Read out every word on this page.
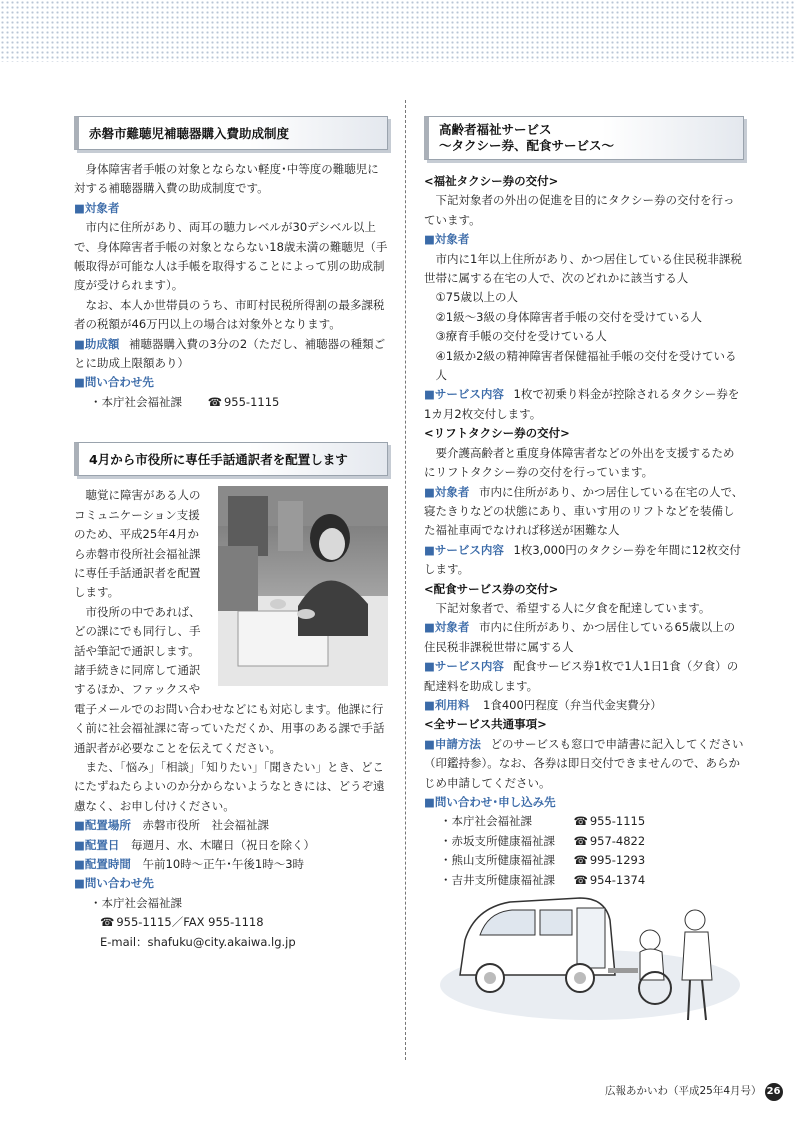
赤磐市難聴児補聴器購入費助成制度

身体障害者手帳の対象とならない軽度･中等度の難聴児に対する補聴器購入費の助成制度です。

■ 対象者

市内に住所があり、両耳の聴力レベルが30デシベル以上で、身体障害者手帳の対象とならない18歳未満の難聴児（手帳取得が可能な人は手帳を取得することによって別の助成制度が受けられます）。

なお、本人か世帯員のうち、市町村民税所得割の最多課税者の税額が46万円以上の場合は対象外となります。

■ 助成額 補聴器購入費の3分の2（ただし、補聴器の種類ごとに助成上限額あり）

■ 問い合わせ先
・本庁社会福祉課 ☎	955-1115
4月から市役所に専任手話通訳者を配置します

聴覚に障害がある人のコミュニケーション支援のため、平成25年4月から赤磐市役所社会福祉課に専任手話通訳者を配置します。

市役所の中であれば、どの課にでも同行し、手話や筆記で通訳します。諸手続きに同席して通訳するほか、ファックスや電子メールでのお問い合わせなどにも対応します。他課に行く前に社会福祉課に寄っていただくか、用事のある課で手話通訳者が必要なことを伝えてください。

また、「悩み」「相談」「知りたい」「聞きたい」とき、どこにたずねたらよいのか分からないようなときには、どうぞ遠慮なく、お申し付けください。

■ 配置場所 赤磐市役所　社会福祉課

■ 配置日 毎週月、水、木曜日（祝日を除く）

■ 配置時間 午前10時～正午･午後1時～3時

■ 問い合わせ先
・本庁社会福祉課
☎ 955-1115／FAX 955-1118
E-mail：shafuku@city.akaiwa.lg.jp
高齢者福祉サービス
～タクシー券、配食サービス～
<福祉タクシー券の交付>

下記対象者の外出の促進を目的にタクシー券の交付を行っています。

■ 対象者

市内に1年以上住所があり、かつ居住している住民税非課税世帯に属する在宅の人で、次のどれかに該当する人

①75歳以上の人

②1級～3級の身体障害者手帳の交付を受けている人

③療育手帳の交付を受けている人

④1級か2級の精神障害者保健福祉手帳の交付を受けている人

■ サービス内容 1枚で初乗り料金が控除されるタクシー券を1カ月2枚交付します。

<リフトタクシー券の交付>

要介護高齢者と重度身体障害者などの外出を支援するためにリフトタクシー券の交付を行っています。

■ 対象者 市内に住所があり、かつ居住している在宅の人で、寝たきりなどの状態にあり、車いす用のリフトなどを装備した福祉車両でなければ移送が困難な人

■ サービス内容 1枚3,000円のタクシー券を年間に12枚交付します。

<配食サービス券の交付>

下記対象者で、希望する人に夕食を配達しています。

■ 対象者 市内に住所があり、かつ居住している65歳以上の住民税非課税世帯に属する人

■ サービス内容 配食サービス券1枚で1人1日1食（夕食）の配達料を助成します。

■ 利用料 1食400円程度（弁当代金実費分）

<全サービス共通事項>

■ 申請方法 どのサービスも窓口で申請書に記入してください（印鑑持参）。なお、各券は即日交付できませんので、あらかじめ申請してください。

■ 問い合わせ･申し込み先
・本庁社会福祉課 ☎	955-1115
・赤坂支所健康福祉課 ☎	957-4822
・熊山支所健康福祉課 ☎	995-1293
・吉井支所健康福祉課 ☎	954-1374
広報あかいわ（平成25年4月号） 26
